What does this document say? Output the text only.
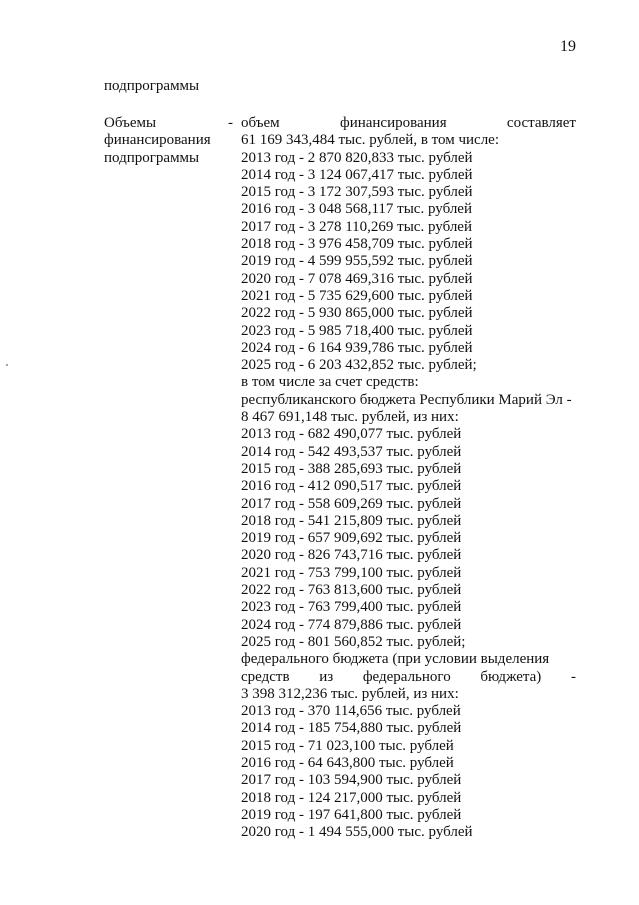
19
подпрограммы
Объемы
финансирования
подпрограммы
- объем	финансирования	составляет
61 169 343,484 тыс. рублей, в том числе:
2013 год - 2 870 820,833 тыс. рублей
2014 год - 3 124 067,417 тыс. рублей
2015 год - 3 172 307,593 тыс. рублей
2016 год - 3 048 568,117 тыс. рублей
2017 год - 3 278 110,269 тыс. рублей
2018 год - 3 976 458,709 тыс. рублей
2019 год - 4 599 955,592 тыс. рублей
2020 год - 7 078 469,316 тыс. рублей
2021 год - 5 735 629,600 тыс. рублей
2022 год - 5 930 865,000 тыс. рублей
2023 год - 5 985 718,400 тыс. рублей
2024 год - 6 164 939,786 тыс. рублей
2025 год - 6 203 432,852 тыс. рублей;
в том числе за счет средств:
республиканского бюджета Республики Марий Эл -
8 467 691,148 тыс. рублей, из них:
2013 год - 682 490,077 тыс. рублей
2014 год - 542 493,537 тыс. рублей
2015 год - 388 285,693 тыс. рублей
2016 год - 412 090,517 тыс. рублей
2017 год - 558 609,269 тыс. рублей
2018 год - 541 215,809 тыс. рублей
2019 год - 657 909,692 тыс. рублей
2020 год - 826 743,716 тыс. рублей
2021 год - 753 799,100 тыс. рублей
2022 год - 763 813,600 тыс. рублей
2023 год - 763 799,400 тыс. рублей
2024 год - 774 879,886 тыс. рублей
2025 год - 801 560,852 тыс. рублей;
федерального бюджета (при условии выделения
средств из федерального бюджета) -
3 398 312,236 тыс. рублей, из них:
2013 год - 370 114,656 тыс. рублей
2014 год - 185 754,880 тыс. рублей
2015 год - 71 023,100 тыс. рублей
2016 год - 64 643,800 тыс. рублей
2017 год - 103 594,900 тыс. рублей
2018 год - 124 217,000 тыс. рублей
2019 год - 197 641,800 тыс. рублей
2020 год - 1 494 555,000 тыс. рублей
